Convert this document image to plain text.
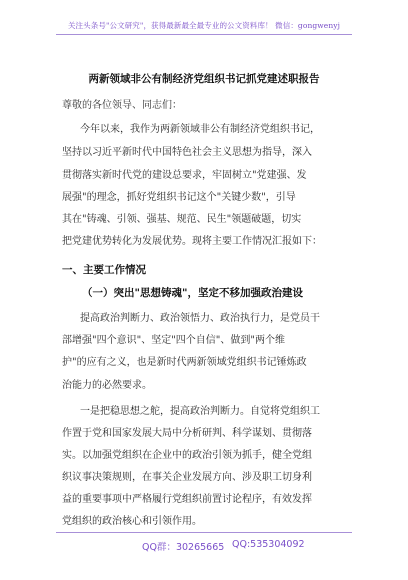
关注头条号"公文研究"，获得最新最全最专业的公文资料库！ 微信：gongwenyj
两新领域非公有制经济党组织书记抓党建述职报告
尊敬的各位领导、同志们：
今年以来，我作为两新领域非公有制经济党组织书记，
坚持以习近平新时代中国特色社会主义思想为指导，深入
贯彻落实新时代党的建设总要求，牢固树立"党建强、发
展强"的理念，抓好党组织书记这个"关键少数"，引导
其在"铸魂、引领、强基、规范、民生"领题破题，切实
把党建优势转化为发展优势。现将主要工作情况汇报如下：
一、主要工作情况
（一）突出"思想铸魂"，坚定不移加强政治建设
提高政治判断力、政治领悟力、政治执行力，是党员干
部增强"四个意识"、坚定"四个自信"、做到"两个维
护"的应有之义，也是新时代两新领域党组织书记锤炼政
治能力的必然要求。
一是把稳思想之舵，提高政治判断力。自觉将党组织工
作置于党和国家发展大局中分析研判、科学谋划、贯彻落
实。以加强党组织在企业中的政治引领为抓手，健全党组
织议事决策规则，在事关企业发展方向、涉及职工切身利
益的重要事项中严格履行党组织前置讨论程序，有效发挥
党组织的政治核心和引领作用。
QQ群：30265665 QQ:535304092
